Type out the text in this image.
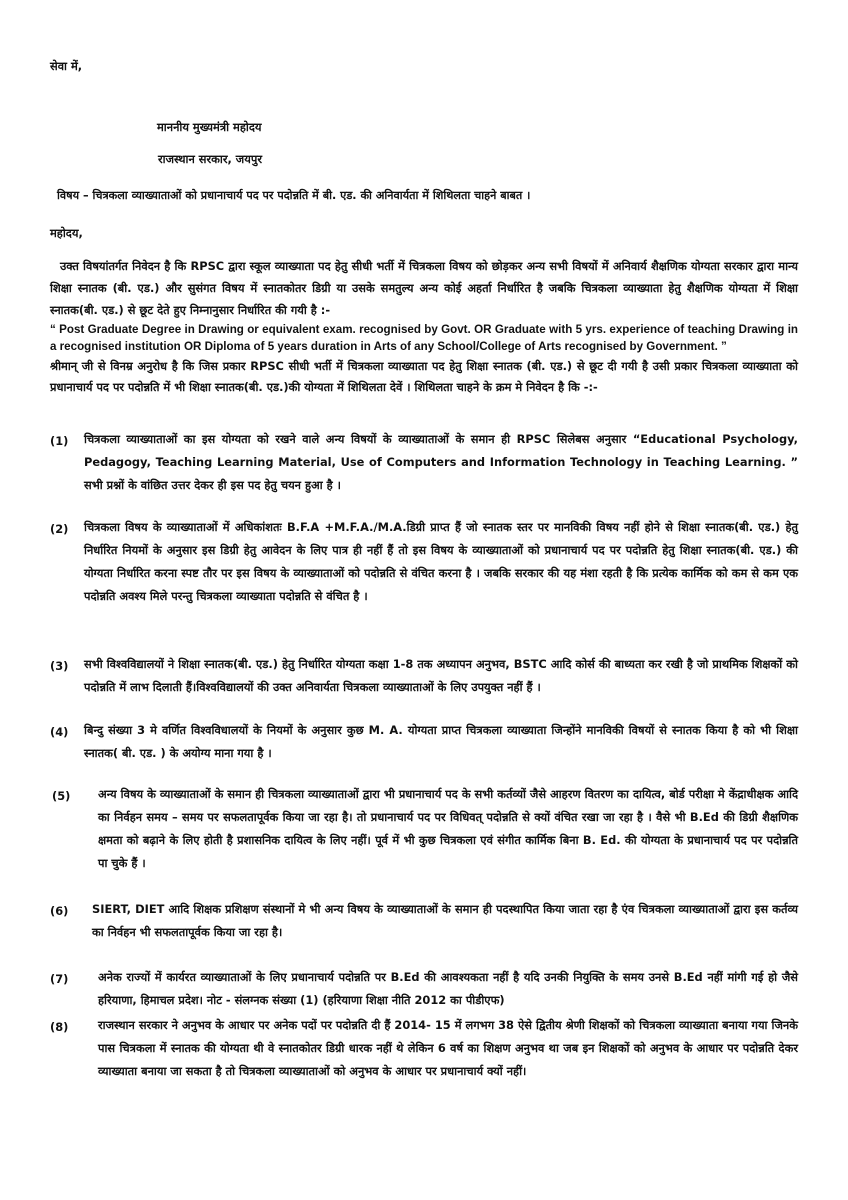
सेवा में,
माननीय मुख्यमंत्री महोदय
राजस्थान सरकार, जयपुर
विषय – चित्रकला व्याख्याताओं को प्रधानाचार्य पद पर पदोन्नति में बी. एड. की अनिवार्यता में शिथिलता चाहने बाबत ।
महोदय,
उक्त विषयांतर्गत निवेदन है कि RPSC द्वारा स्कूल व्याख्याता पद हेतु सीधी भर्ती में चित्रकला विषय को छोड़कर अन्य सभी विषयों में अनिवार्य शैक्षणिक योग्यता सरकार द्वारा मान्य शिक्षा स्नातक (बी. एड.) और सुसंगत विषय में स्नातकोतर डिग्री या उसके समतुल्य अन्य कोई अहर्ता निर्धारित है जबकि चित्रकला व्याख्याता हेतु शैक्षणिक योग्यता में शिक्षा स्नातक(बी. एड.) से छूट देते हुए निम्नानुसार निर्धारित की गयी है :-
“ Post Graduate Degree in Drawing or equivalent exam. recognised by Govt. OR Graduate with 5 yrs. experience of teaching Drawing in a recognised institution OR Diploma of 5 years duration in Arts of any School/College of Arts recognised by Government. ”
श्रीमान् जी से विनम्र अनुरोध है कि जिस प्रकार RPSC सीधी भर्ती में चित्रकला व्याख्याता पद हेतु शिक्षा स्नातक (बी. एड.) से छूट दी गयी है उसी प्रकार चित्रकला व्याख्याता को प्रधानाचार्य पद पर पदोन्नति में भी शिक्षा स्नातक(बी. एड.)की योग्यता में शिथिलता देवें । शिथिलता चाहने के क्रम मे निवेदन है कि -:-
(1) चित्रकला व्याख्याताओं का इस योग्यता को रखने वाले अन्य विषयों के व्याख्याताओं के समान ही RPSC सिलेबस अनुसार “Educational Psychology, Pedagogy, Teaching Learning Material, Use of Computers and Information Technology in Teaching Learning. ” सभी प्रश्नों के वांछित उत्तर देकर ही इस पद हेतु चयन हुआ है ।
(2) चित्रकला विषय के व्याख्याताओं में अधिकांशतः B.F.A +M.F.A./M.A.डिग्री प्राप्त हैं जो स्नातक स्तर पर मानविकी विषय नहीं होने से शिक्षा स्नातक(बी. एड.) हेतु निर्धारित नियमों के अनुसार इस डिग्री हेतु आवेदन के लिए पात्र ही नहीं हैं तो इस विषय के व्याख्याताओं को प्रधानाचार्य पद पर पदोन्नति हेतु शिक्षा स्नातक(बी. एड.) की योग्यता निर्धारित करना स्पष्ट तौर पर इस विषय के व्याख्याताओं को पदोन्नति से वंचित करना है । जबकि सरकार की यह मंशा रहती है कि प्रत्येक कार्मिक को कम से कम एक पदोन्नति अवश्य मिले परन्तु चित्रकला व्याख्याता पदोन्नति से वंचित है ।
(3) सभी विश्वविद्यालयों ने शिक्षा स्नातक(बी. एड.) हेतु निर्धारित योग्यता कक्षा 1-8 तक अध्यापन अनुभव, BSTC आदि कोर्स की बाध्यता कर रखी है जो प्राथमिक शिक्षकों को पदोन्नति में लाभ दिलाती हैं।विश्वविद्यालयों की उक्त अनिवार्यता चित्रकला व्याख्याताओं के लिए उपयुक्त नहीं हैं ।
(4) बिन्दु संख्या 3 मे वर्णित विश्वविधालयों के नियमों के अनुसार कुछ M. A. योग्यता प्राप्त चित्रकला व्याख्याता जिन्होंने मानविकी विषयों से स्नातक किया है को भी शिक्षा स्नातक( बी. एड. ) के अयोग्य माना गया है ।
(5) अन्य विषय के व्याख्याताओं के समान ही चित्रकला व्याख्याताओं द्वारा भी प्रधानाचार्य पद के सभी कर्तव्यों जैसे आहरण वितरण का दायित्व, बोर्ड परीक्षा मे केंद्राधीक्षक आदि का निर्वहन समय – समय पर सफलतापूर्वक किया जा रहा है। तो प्रधानाचार्य पद पर विधिवत् पदोन्नति से क्यों वंचित रखा जा रहा है । वैसे भी B.Ed की डिग्री शैक्षणिक क्षमता को बढ़ाने के लिए होती है प्रशासनिक दायित्व के लिए नहीं। पूर्व में भी कुछ चित्रकला एवं संगीत कार्मिक बिना B. Ed. की योग्यता के प्रधानाचार्य पद पर पदोन्नति पा चुके हैं ।
(6) SIERT, DIET आदि शिक्षक प्रशिक्षण संस्थानों मे भी अन्य विषय के व्याख्याताओं के समान ही पदस्थापित किया जाता रहा है एंव चित्रकला व्याख्याताओं द्वारा इस कर्तव्य का निर्वहन भी सफलतापूर्वक किया जा रहा है।
(7)	अनेक राज्यों में कार्यरत व्याख्याताओं के लिए प्रधानाचार्य पदोन्नति पर B.Ed की आवश्यकता नहीं है यदि उनकी नियुक्ति के समय उनसे B.Ed नहीं मांगी गई हो जैसे हरियाणा, हिमाचल प्रदेश। नोट - संलग्नक संख्या (1) (हरियाणा शिक्षा नीति 2012 का पीडीएफ)
(8)	राजस्थान सरकार ने अनुभव के आधार पर अनेक पदों पर पदोन्नति दी हैं 2014- 15 में लगभग 38 ऐसे द्वितीय श्रेणी शिक्षकों को चित्रकला व्याख्याता बनाया गया जिनके पास चित्रकला में स्नातक की योग्यता थी वे स्नातकोतर डिग्री धारक नहीं थे लेकिन 6 वर्ष का शिक्षण अनुभव था जब इन शिक्षकों को अनुभव के आधार पर पदोन्नति देकर व्याख्याता बनाया जा सकता है तो चित्रकला व्याख्याताओं को अनुभव के आधार पर प्रधानाचार्य क्यों नहीं।
